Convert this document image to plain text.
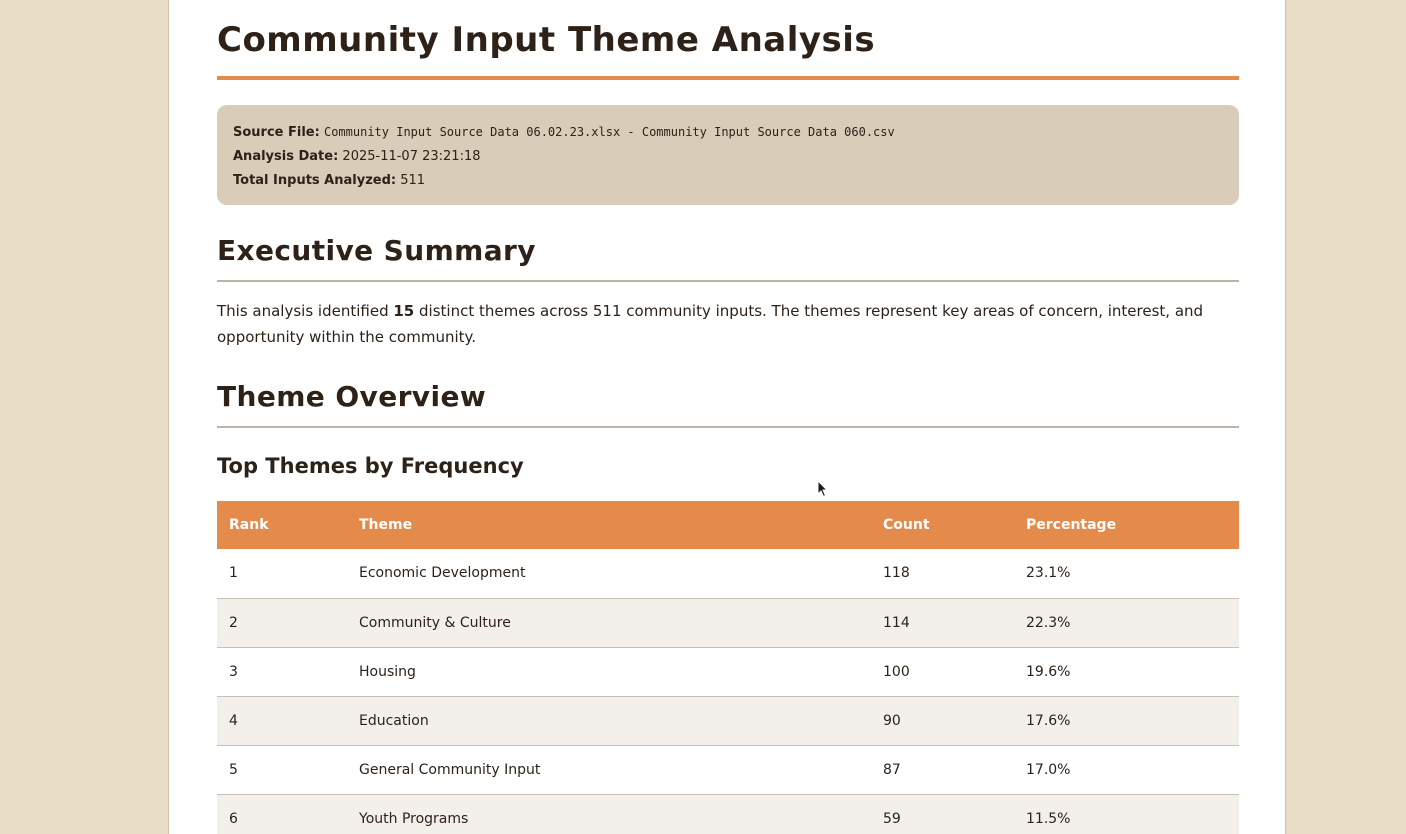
Community Input Theme Analysis
Source File: Community Input Source Data 06.02.23.xlsx - Community Input Source Data 060.csv
Analysis Date: 2025-11-07 23:21:18
Total Inputs Analyzed: 511
Executive Summary

This analysis identified 15 distinct themes across 511 community inputs. The themes represent key areas of concern, interest, and opportunity within the community.

Theme Overview
Top Themes by Frequency
Rank	Theme	Count	Percentage
1	Economic Development	118	23.1%
2	Community & Culture	114	22.3%
3	Housing	100	19.6%
4	Education	90	17.6%
5	General Community Input	87	17.0%
6	Youth Programs	59	11.5%
